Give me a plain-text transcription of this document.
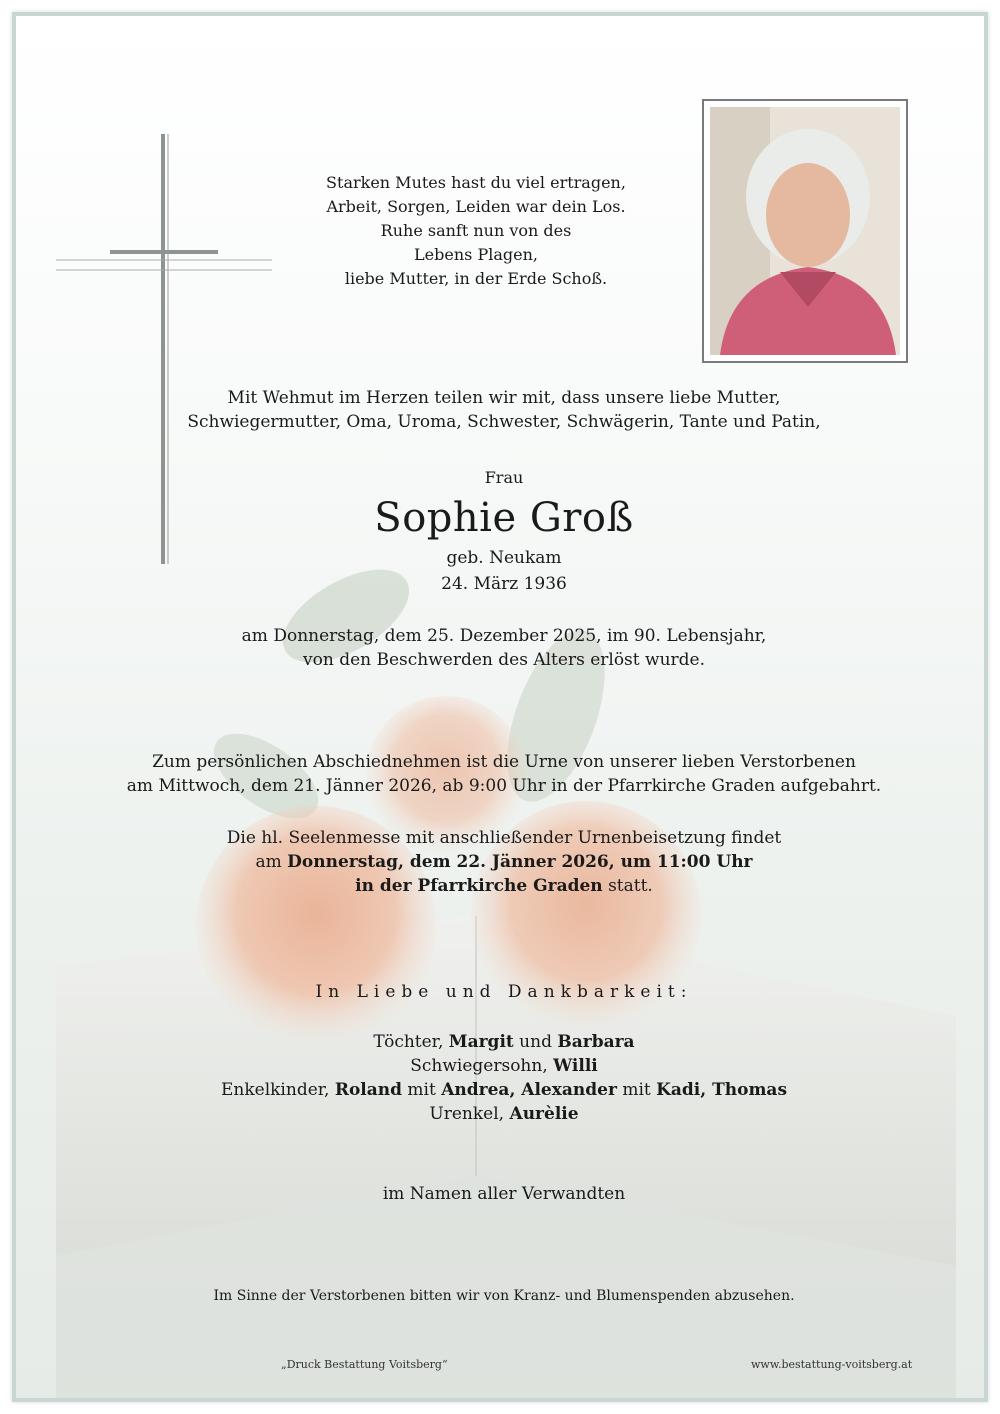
Starken Mutes hast du viel ertragen,
Arbeit, Sorgen, Leiden war dein Los.
Ruhe sanft nun von des
Lebens Plagen,
liebe Mutter, in der Erde Schoß.
Mit Wehmut im Herzen teilen wir mit, dass unsere liebe Mutter,
Schwiegermutter, Oma, Uroma, Schwester, Schwägerin, Tante und Patin,
Frau
Sophie Groß
geb. Neukam
24. März 1936
am Donnerstag, dem 25. Dezember 2025, im 90. Lebensjahr,
von den Beschwerden des Alters erlöst wurde.
Zum persönlichen Abschiednehmen ist die Urne von unserer lieben Verstorbenen
am Mittwoch, dem 21. Jänner 2026, ab 9:00 Uhr in der Pfarrkirche Graden aufgebahrt.
Die hl. Seelenmesse mit anschließender Urnenbeisetzung findet
am Donnerstag, dem 22. Jänner 2026, um 11:00 Uhr
in der Pfarrkirche Graden statt.
In Liebe und Dankbarkeit:
Töchter, Margit und Barbara
Schwiegersohn, Willi
Enkelkinder, Roland mit Andrea, Alexander mit Kadi, Thomas
Urenkel, Aurèlie
im Namen aller Verwandten
Im Sinne der Verstorbenen bitten wir von Kranz- und Blumenspenden abzusehen.
„Druck Bestattung Voitsberg“	www.bestattung-voitsberg.at
